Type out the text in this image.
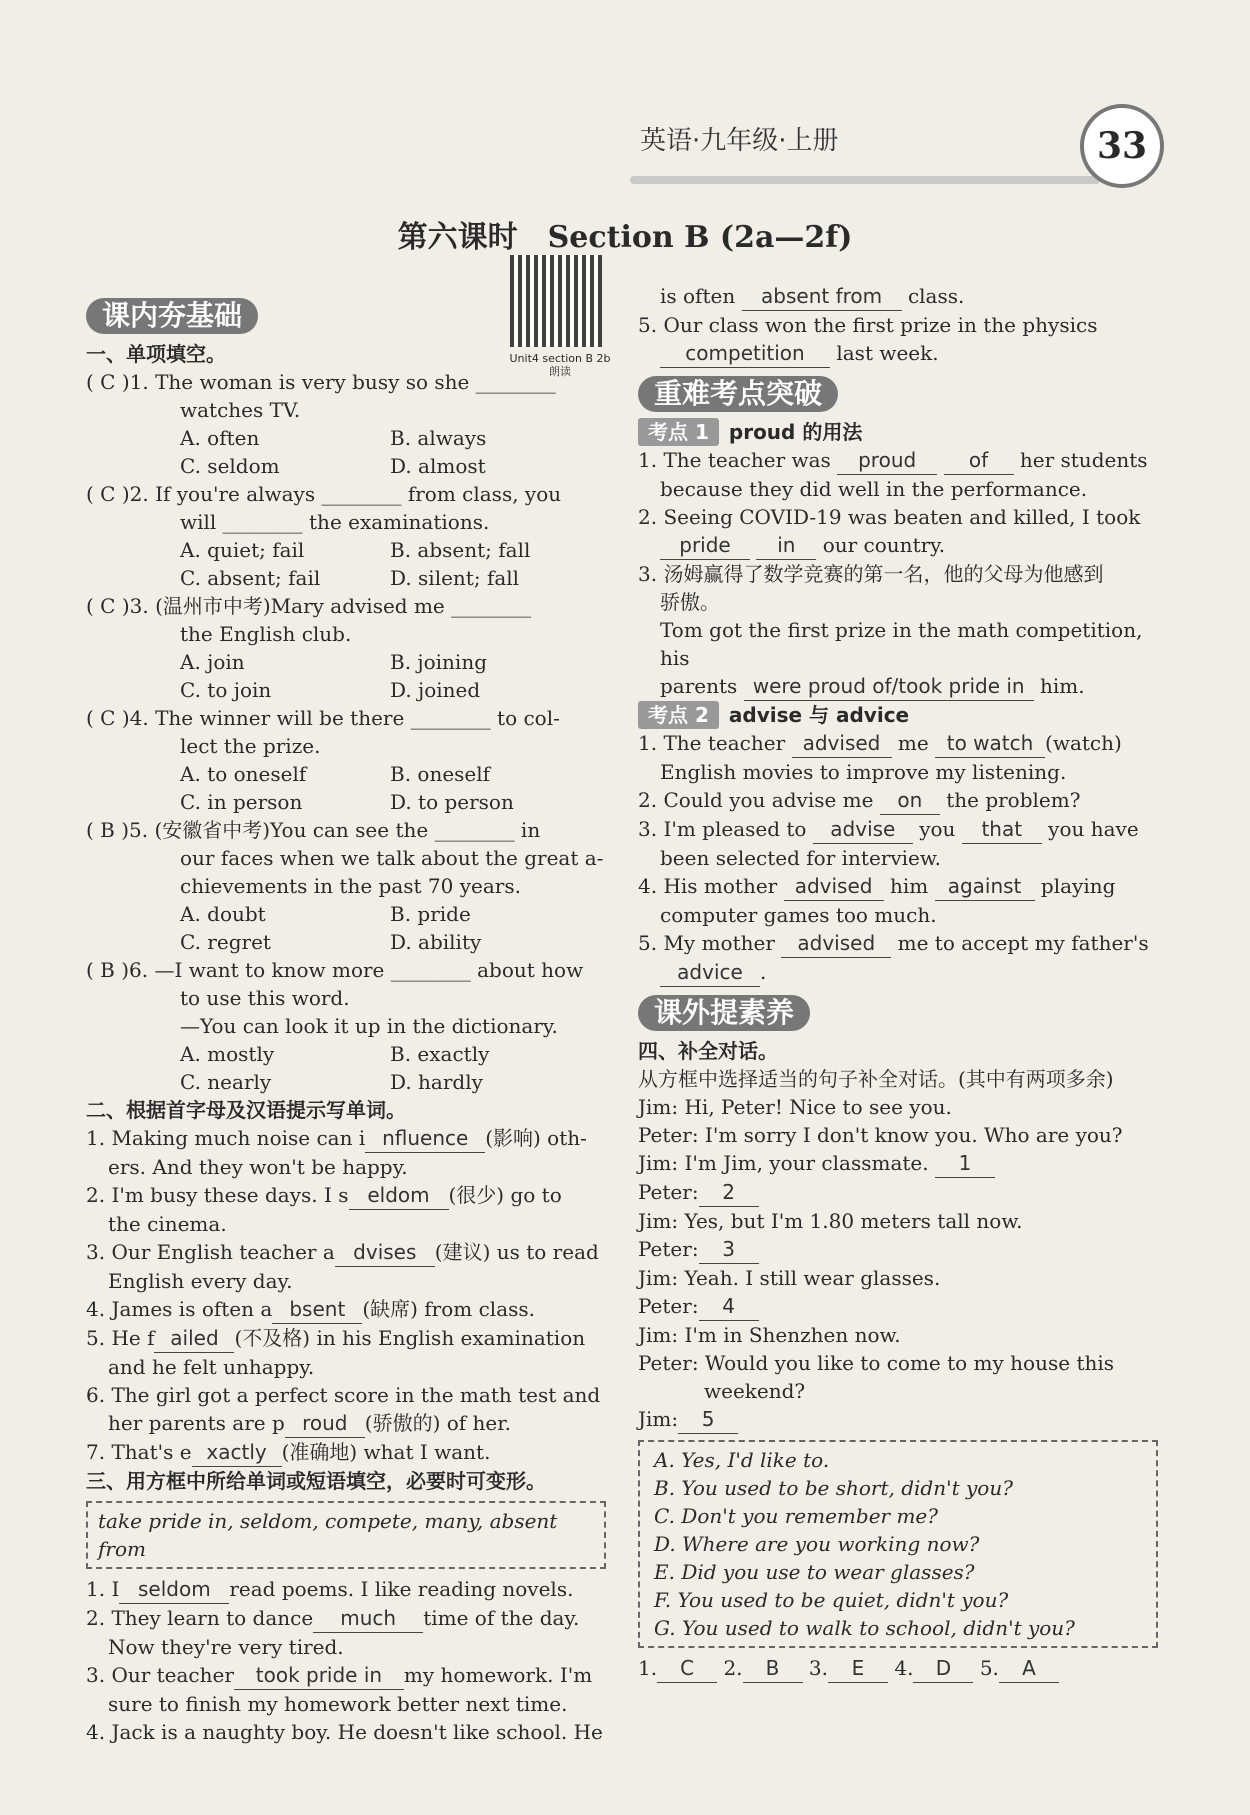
英语·九年级·上册	33
第六课时　Section B (2a—2f)
Unit4 section B 2b 朗读
课内夯基础

一、单项填空。

( C )1. The woman is very busy so she ________

watches TV.

A. often	B. always
C. seldom	D. almost

( C )2. If you're always ________ from class, you

will ________ the examinations.

A. quiet; fail	B. absent; fall
C. absent; fail	D. silent; fall

( C )3. (温州市中考)Mary advised me ________

the English club.

A. join	B. joining
C. to join	D. joined

( C )4. The winner will be there ________ to col-

lect the prize.

A. to oneself	B. oneself
C. in person	D. to person

( B )5. (安徽省中考)You can see the ________ in

our faces when we talk about the great a-

chievements in the past 70 years.

A. doubt	B. pride
C. regret	D. ability

( B )6. —I want to know more ________ about how

to use this word.

—You can look it up in the dictionary.

A. mostly	B. exactly
C. nearly	D. hardly

二、根据首字母及汉语提示写单词。

1. Making much noise can i nfluence (影响) oth-

ers. And they won't be happy.

2. I'm busy these days. I s eldom (很少) go to

the cinema.

3. Our English teacher a dvises (建议) us to read

English every day.

4. James is often a bsent (缺席) from class.

5. He f ailed (不及格) in his English examination

and he felt unhappy.

6. The girl got a perfect score in the math test and

her parents are p roud (骄傲的) of her.

7. That's e xactly (准确地) what I want.

三、用方框中所给单词或短语填空，必要时可变形。

take pride in, seldom, compete, many, absent from

1. I seldom read poems. I like reading novels.

2. They learn to dance much time of the day.

Now they're very tired.

3. Our teacher took pride in my homework. I'm

sure to finish my homework better next time.

4. Jack is a naughty boy. He doesn't like school. He

is often absent from class.

5. Our class won the first prize in the physics

competition last week.

重难考点突破

考点 1 proud 的用法

1. The teacher was proud	of her students

because they did well in the performance.

2. Seeing COVID-19 was beaten and killed, I took

pride in our country.

3. 汤姆赢得了数学竞赛的第一名，他的父母为他感到

骄傲。

Tom got the first prize in the math competition, his

parents were proud of/took pride in him.

考点 2 advise 与 advice

1. The teacher advised me to watch (watch)

English movies to improve my listening.

2. Could you advise me on the problem?

3. I'm pleased to advise you that you have

been selected for interview.

4. His mother advised him against playing

computer games too much.

5. My mother advised me to accept my father's

advice .

课外提素养

四、补全对话。

从方框中选择适当的句子补全对话。(其中有两项多余)

Jim: Hi, Peter! Nice to see you.

Peter: I'm sorry I don't know you. Who are you?

Jim: I'm Jim, your classmate. 1

Peter: 2

Jim: Yes, but I'm 1.80 meters tall now.

Peter: 3

Jim: Yeah. I still wear glasses.

Peter: 4

Jim: I'm in Shenzhen now.

Peter: Would you like to come to my house this

weekend?

Jim: 5

A. Yes, I'd like to.

B. You used to be short, didn't you?

C. Don't you remember me?

D. Where are you working now?

E. Did you use to wear glasses?

F. You used to be quiet, didn't you?

G. You used to walk to school, didn't you?

1. C 2. B 3. E 4. D 5. A
